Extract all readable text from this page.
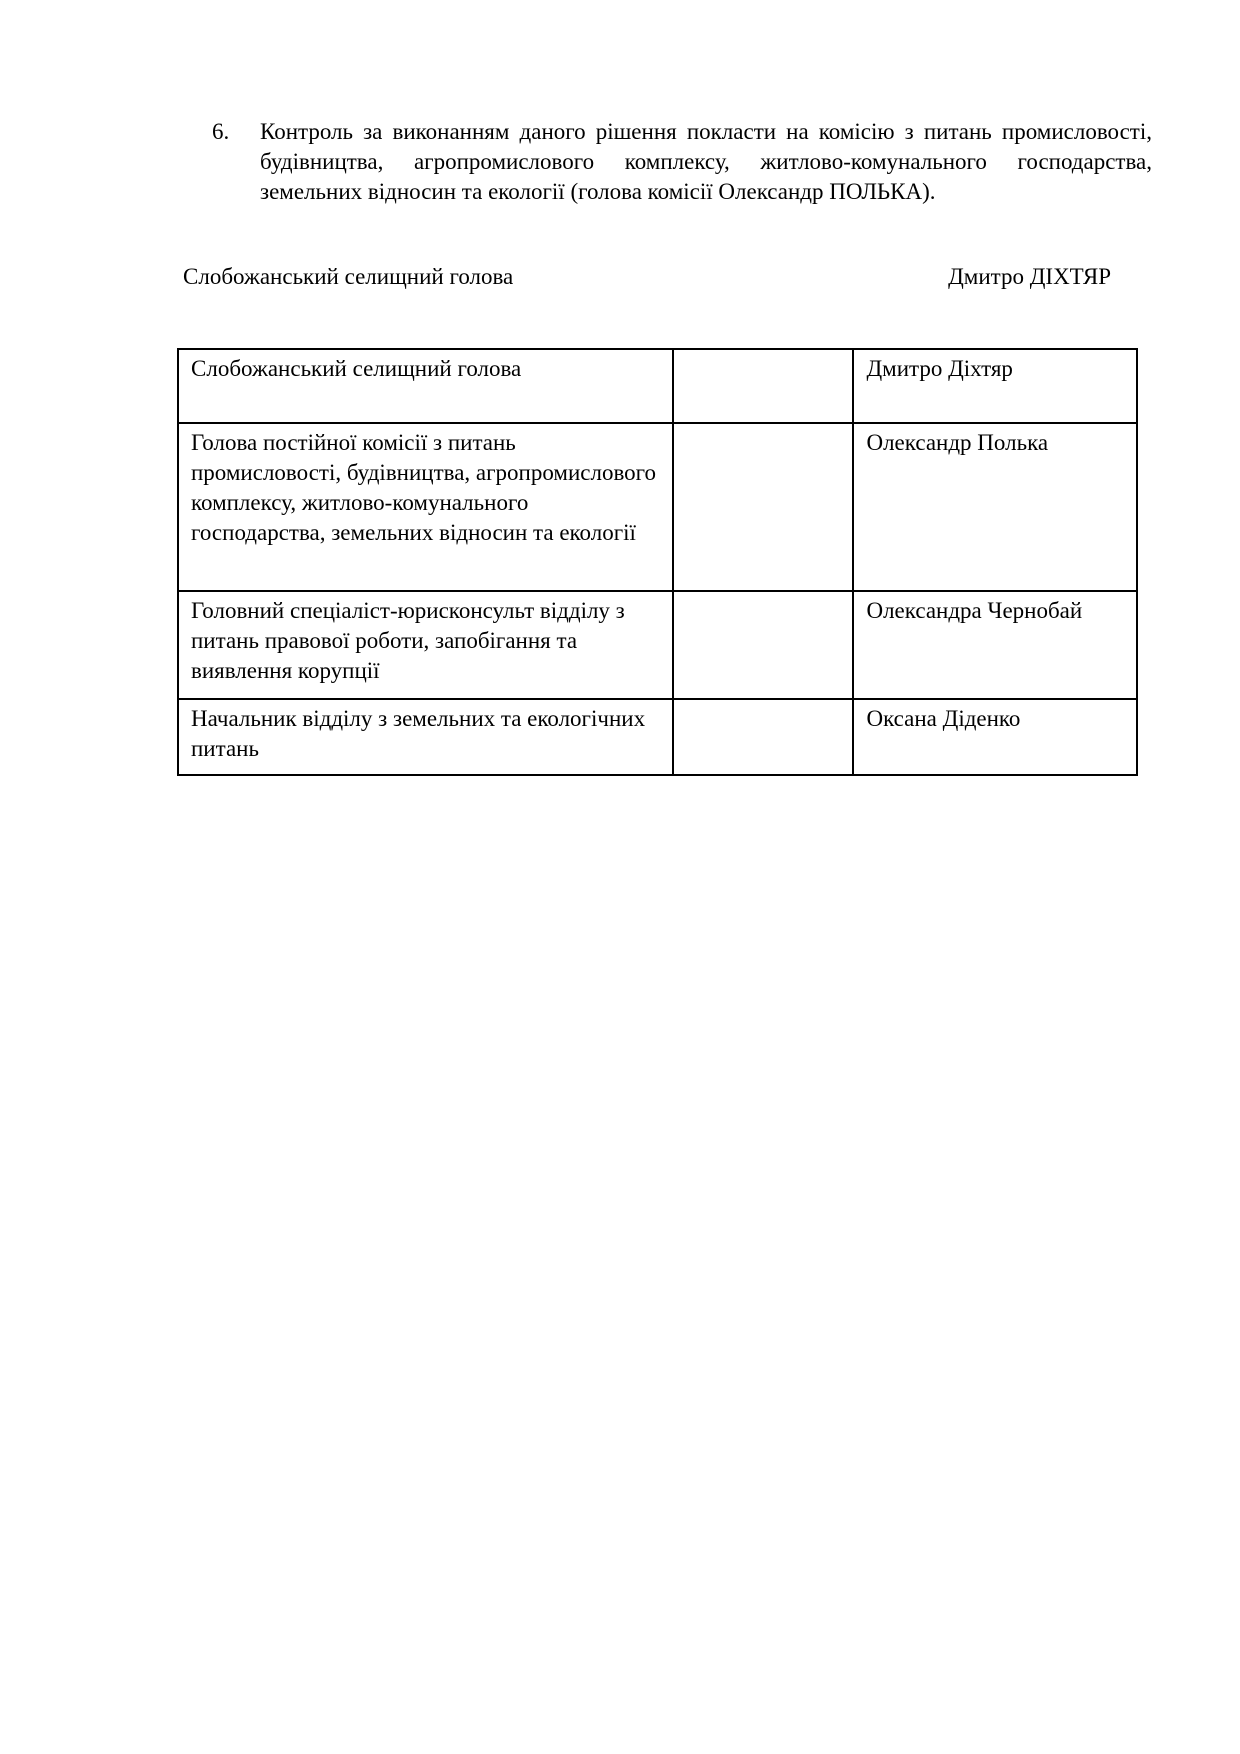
6.	Контроль за виконанням даного рішення покласти на комісію з питань промисловості, будівництва, агропромислового комплексу, житлово-комунального господарства, земельних відносин та екології (голова комісії Олександр ПОЛЬКА).
Слобожанський селищний голова	Дмитро ДІХТЯР
Слобожанський селищний голова		Дмитро Діхтяр
Голова постійної комісії з питань промисловості, будівництва, агропромислового комплексу, житлово-комунального господарства, земельних відносин та екології		Олександр Полька
Головний спеціаліст-юрисконсульт відділу з питань правової роботи, запобігання та виявлення корупції		Олександра Чернобай
Начальник відділу з земельних та екологічних питань		Оксана Діденко
